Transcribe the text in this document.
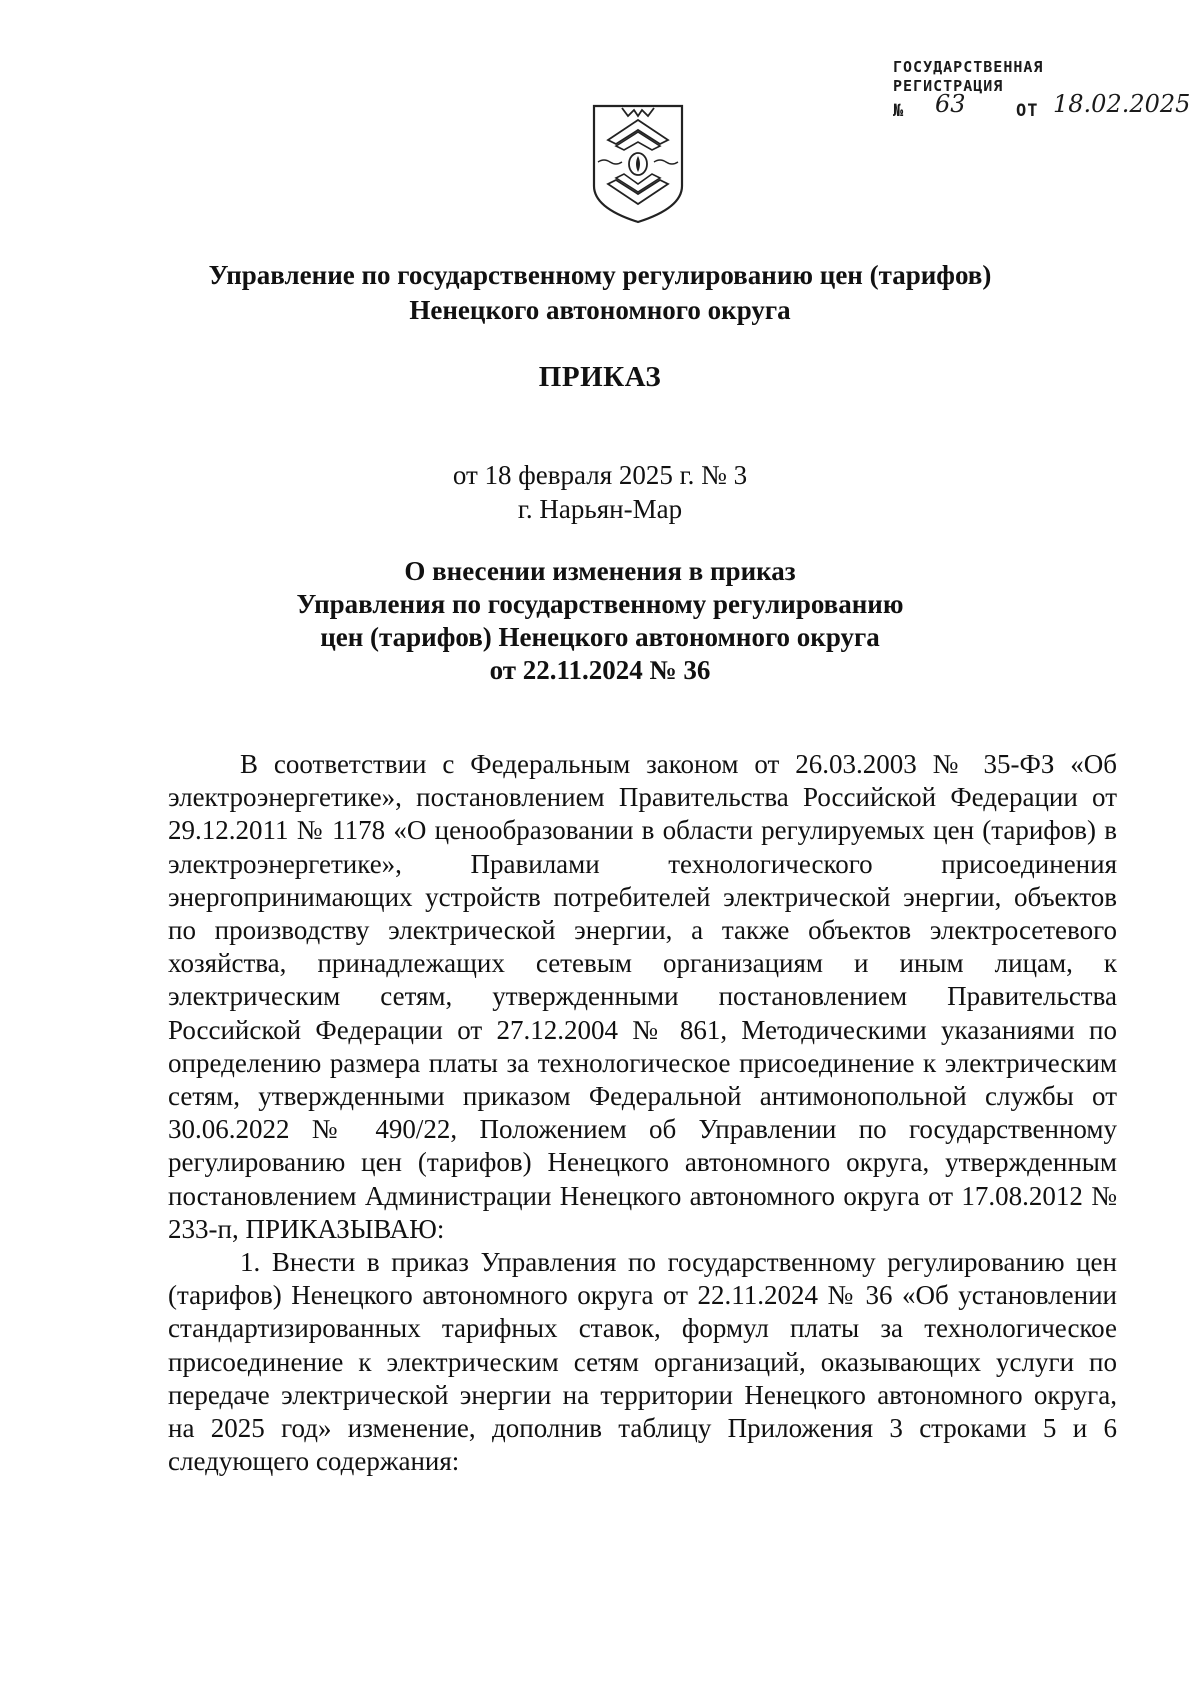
ГОСУДАРСТВЕННАЯ
РЕГИСТРАЦИЯ
№ 63	ОТ 18.02.2025
Управление по государственному регулированию цен (тарифов)
Ненецкого автономного округа
ПРИКАЗ
от 18 февраля 2025 г. № 3
г. Нарьян-Мар
О внесении изменения в приказ
Управления по государственному регулированию
цен (тарифов) Ненецкого автономного округа
от 22.11.2024 № 36

В соответствии с Федеральным законом от 26.03.2003 № 35-ФЗ «Об электроэнергетике», постановлением Правительства Российской Федерации от 29.12.2011 № 1178 «О ценообразовании в области регулируемых цен (тарифов) в электроэнергетике», Правилами технологического присоединения энергопринимающих устройств потребителей электрической энергии, объектов по производству электрической энергии, а также объектов электросетевого хозяйства, принадлежащих сетевым организациям и иным лицам, к электрическим сетям, утвержденными постановлением Правительства Российской Федерации от 27.12.2004 № 861, Методическими указаниями по определению размера платы за технологическое присоединение к электрическим сетям, утвержденными приказом Федеральной антимонопольной службы от 30.06.2022 № 490/22, Положением об Управлении по государственному регулированию цен (тарифов) Ненецкого автономного округа, утвержденным постановлением Администрации Ненецкого автономного округа от 17.08.2012 № 233-п, ПРИКАЗЫВАЮ:

1. Внести в приказ Управления по государственному регулированию цен (тарифов) Ненецкого автономного округа от 22.11.2024 № 36 «Об установлении стандартизированных тарифных ставок, формул платы за технологическое присоединение к электрическим сетям организаций, оказывающих услуги по передаче электрической энергии на территории Ненецкого автономного округа, на 2025 год» изменение, дополнив таблицу Приложения 3 строками 5 и 6 следующего содержания:
